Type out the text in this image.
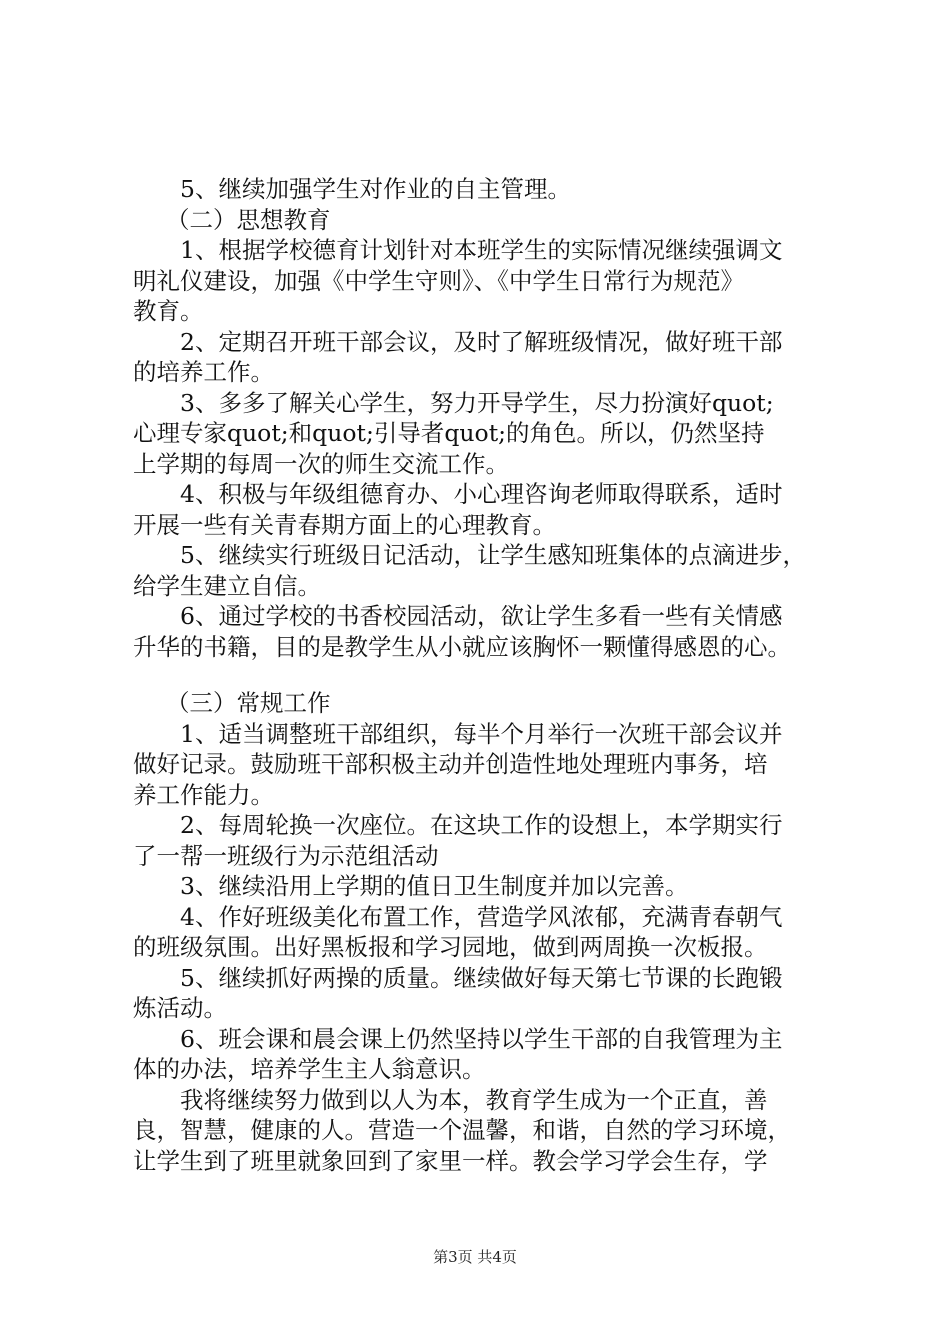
5、继续加强学生对作业的自主管理。
（二）思想教育
1、根据学校德育计划针对本班学生的实际情况继续强调文
明礼仪建设，加强《中学生守则》、《中学生日常行为规范》
教育。
2、定期召开班干部会议，及时了解班级情况，做好班干部
的培养工作。
3、多多了解关心学生，努力开导学生，尽力扮演好quot;
心理专家quot;和quot;引导者quot;的角色。所以，仍然坚持
上学期的每周一次的师生交流工作。
4、积极与年级组德育办、小心理咨询老师取得联系，适时
开展一些有关青春期方面上的心理教育。
5、继续实行班级日记活动，让学生感知班集体的点滴进步，
给学生建立自信。
6、通过学校的书香校园活动，欲让学生多看一些有关情感
升华的书籍，目的是教学生从小就应该胸怀一颗懂得感恩的心。
（三）常规工作
1、适当调整班干部组织，每半个月举行一次班干部会议并
做好记录。鼓励班干部积极主动并创造性地处理班内事务，培
养工作能力。
2、每周轮换一次座位。在这块工作的设想上，本学期实行
了一帮一班级行为示范组活动
3、继续沿用上学期的值日卫生制度并加以完善。
4、作好班级美化布置工作，营造学风浓郁，充满青春朝气
的班级氛围。出好黑板报和学习园地，做到两周换一次板报。
5、继续抓好两操的质量。继续做好每天第七节课的长跑锻
炼活动。
6、班会课和晨会课上仍然坚持以学生干部的自我管理为主
体的办法，培养学生主人翁意识。
我将继续努力做到以人为本，教育学生成为一个正直，善
良，智慧，健康的人。营造一个温馨，和谐，自然的学习环境，
让学生到了班里就象回到了家里一样。教会学习学会生存，学
第3页 共4页
